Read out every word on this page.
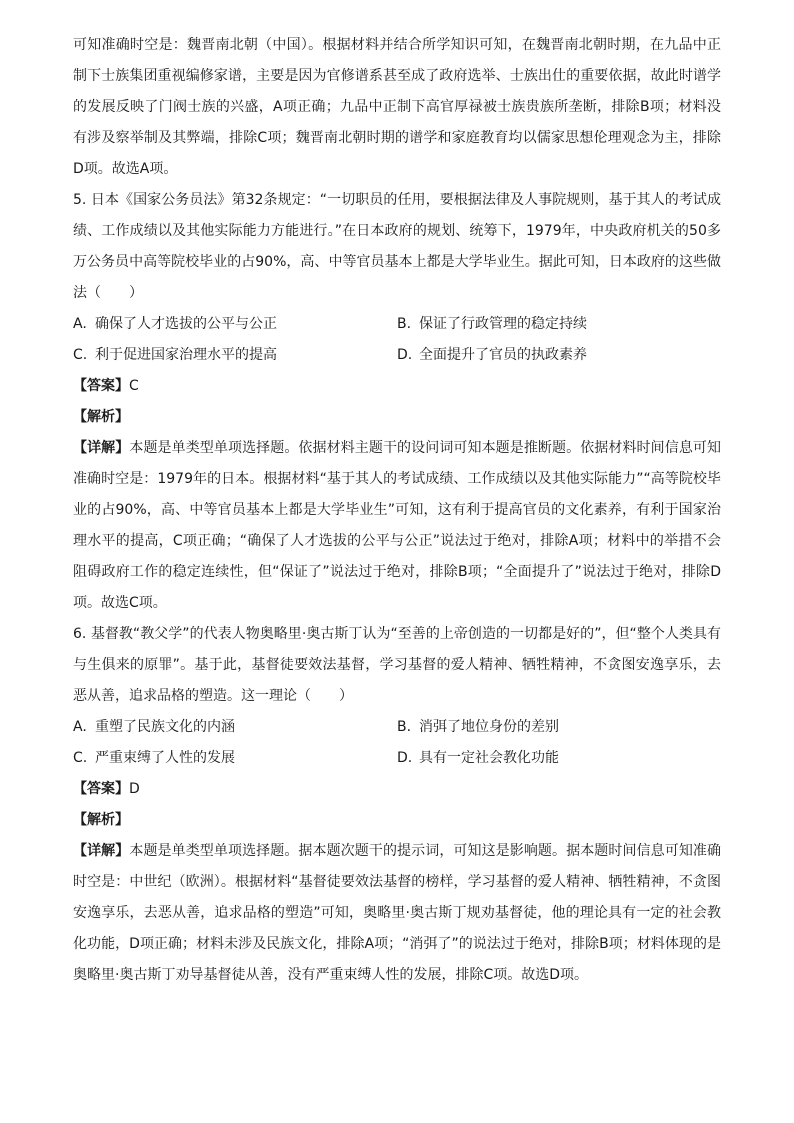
可知准确时空是：魏晋南北朝（中国）。根据材料并结合所学知识可知，在魏晋南北朝时期，在九品中正制下士族集团重视编修家谱，主要是因为官修谱系甚至成了政府选举、士族出仕的重要依据，故此时谱学的发展反映了门阀士族的兴盛，A项正确；九品中正制下高官厚禄被士族贵族所垄断，排除B项；材料没有涉及察举制及其弊端，排除C项；魏晋南北朝时期的谱学和家庭教育均以儒家思想伦理观念为主，排除D项。故选A项。

5. 日本《国家公务员法》第32条规定：“一切职员的任用，要根据法律及人事院规则，基于其人的考试成绩、工作成绩以及其他实际能力方能进行。”在日本政府的规划、统筹下，1979年，中央政府机关的50多万公务员中高等院校毕业的占90%，高、中等官员基本上都是大学毕业生。据此可知，日本政府的这些做法（　　）

A. 确保了人才选拔的公平与公正	B. 保证了行政管理的稳定持续
C. 利于促进国家治理水平的提高	D. 全面提升了官员的执政素养

【答案】C

【解析】

【详解】本题是单类型单项选择题。依据材料主题干的设问词可知本题是推断题。依据材料时间信息可知准确时空是：1979年的日本。根据材料“基于其人的考试成绩、工作成绩以及其他实际能力”“高等院校毕业的占90%，高、中等官员基本上都是大学毕业生”可知，这有利于提高官员的文化素养，有利于国家治理水平的提高，C项正确；“确保了人才选拔的公平与公正”说法过于绝对，排除A项；材料中的举措不会阻碍政府工作的稳定连续性，但“保证了”说法过于绝对，排除B项；“全面提升了”说法过于绝对，排除D项。故选C项。

6. 基督教“教父学”的代表人物奥略里·奥古斯丁认为“至善的上帝创造的一切都是好的”，但“整个人类具有与生俱来的原罪”。基于此，基督徒要效法基督，学习基督的爱人精神、牺牲精神，不贪图安逸享乐，去恶从善，追求品格的塑造。这一理论（　　）

A. 重塑了民族文化的内涵	B. 消弭了地位身份的差别
C. 严重束缚了人性的发展	D. 具有一定社会教化功能

【答案】D

【解析】

【详解】本题是单类型单项选择题。据本题次题干的提示词，可知这是影响题。据本题时间信息可知准确时空是：中世纪（欧洲）。根据材料“基督徒要效法基督的榜样，学习基督的爱人精神、牺牲精神，不贪图安逸享乐，去恶从善，追求品格的塑造”可知，奥略里·奥古斯丁规劝基督徒，他的理论具有一定的社会教化功能，D项正确；材料未涉及民族文化，排除A项；“消弭了”的说法过于绝对，排除B项；材料体现的是奥略里·奥古斯丁劝导基督徒从善，没有严重束缚人性的发展，排除C项。故选D项。
